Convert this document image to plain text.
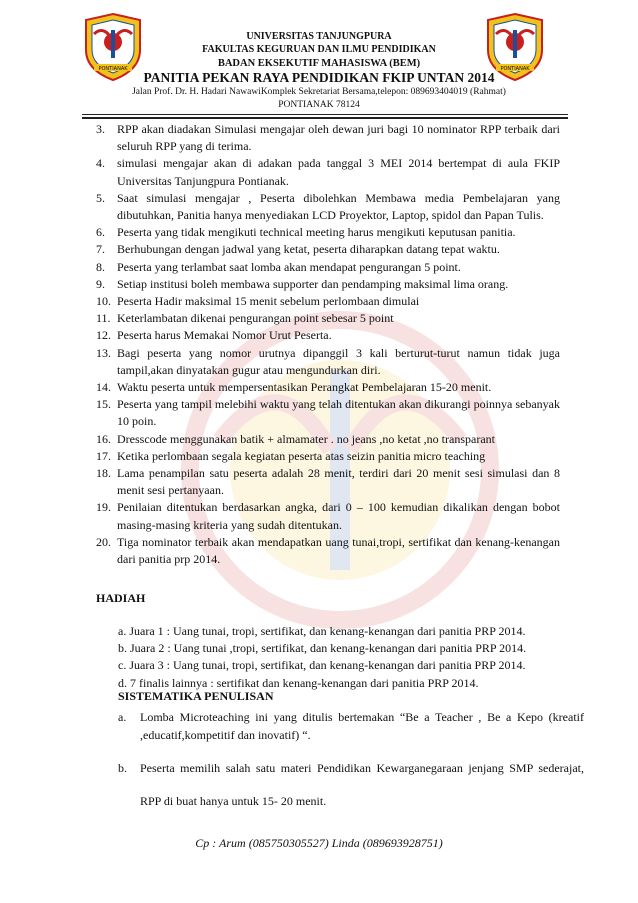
PONTIANAK	PONTIANAK
UNIVERSITAS TANJUNGPURA
FAKULTAS KEGURUAN DAN ILMU PENDIDIKAN
BADAN EKSEKUTIF MAHASISWA (BEM)
PANITIA PEKAN RAYA PENDIDIKAN FKIP UNTAN 2014
Jalan Prof. Dr. H. Hadari NawawiKomplek Sekretariat Bersama,telepon: 089693404019 (Rahmat)
PONTIANAK 78124
3. RPP akan diadakan Simulasi mengajar oleh dewan juri bagi 10 nominator RPP terbaik dari seluruh RPP yang di terima.
4. simulasi mengajar akan di adakan pada tanggal 3 MEI 2014 bertempat di aula FKIP Universitas Tanjungpura Pontianak.
5. Saat simulasi mengajar , Peserta dibolehkan Membawa media Pembelajaran yang dibutuhkan, Panitia hanya menyediakan LCD Proyektor, Laptop, spidol dan Papan Tulis.
6. Peserta yang tidak mengikuti technical meeting harus mengikuti keputusan panitia.
7. Berhubungan dengan jadwal yang ketat, peserta diharapkan datang tepat waktu.
8. Peserta yang terlambat saat lomba akan mendapat pengurangan 5 point.
9. Setiap institusi boleh membawa supporter dan pendamping maksimal lima orang.
10. Peserta Hadir maksimal 15 menit sebelum perlombaan dimulai
11. Keterlambatan dikenai pengurangan point sebesar 5 point
12. Peserta harus Memakai Nomor Urut Peserta.
13. Bagi peserta yang nomor urutnya dipanggil 3 kali berturut-turut namun tidak juga tampil,akan dinyatakan gugur atau mengundurkan diri.
14. Waktu peserta untuk mempersentasikan Perangkat Pembelajaran 15-20 menit.
15. Peserta yang tampil melebihi waktu yang telah ditentukan akan dikurangi poinnya sebanyak 10 poin.
16. Dresscode menggunakan batik + almamater . no jeans ,no ketat ,no transparant
17. Ketika perlombaan segala kegiatan peserta atas seizin panitia micro teaching
18. Lama penampilan satu peserta adalah 28 menit, terdiri dari 20 menit sesi simulasi dan 8 menit sesi pertanyaan.
19. Penilaian ditentukan berdasarkan angka, dari 0 – 100 kemudian dikalikan dengan bobot masing-masing kriteria yang sudah ditentukan.
20. Tiga nominator terbaik akan mendapatkan uang tunai,tropi, sertifikat dan kenang-kenangan dari panitia prp 2014.
HADIAH
a. Juara 1 : Uang tunai, tropi, sertifikat, dan kenang-kenangan dari panitia PRP 2014.
b. Juara 2 : Uang tunai ,tropi, sertifikat, dan kenang-kenangan dari panitia PRP 2014.
c. Juara 3 : Uang tunai, tropi, sertifikat, dan kenang-kenangan dari panitia PRP 2014.
d. 7 finalis lainnya : sertifikat dan kenang-kenangan dari panitia PRP 2014.
SISTEMATIKA PENULISAN
a. Lomba Microteaching ini yang ditulis bertemakan “Be a Teacher , Be a Kepo (kreatif ,educatif,kompetitif dan inovatif) “.
b. Peserta memilih salah satu materi Pendidikan Kewarganegaraan jenjang SMP sederajat, RPP di buat hanya untuk 15- 20 menit.
Cp : Arum (085750305527) Linda (089693928751)
